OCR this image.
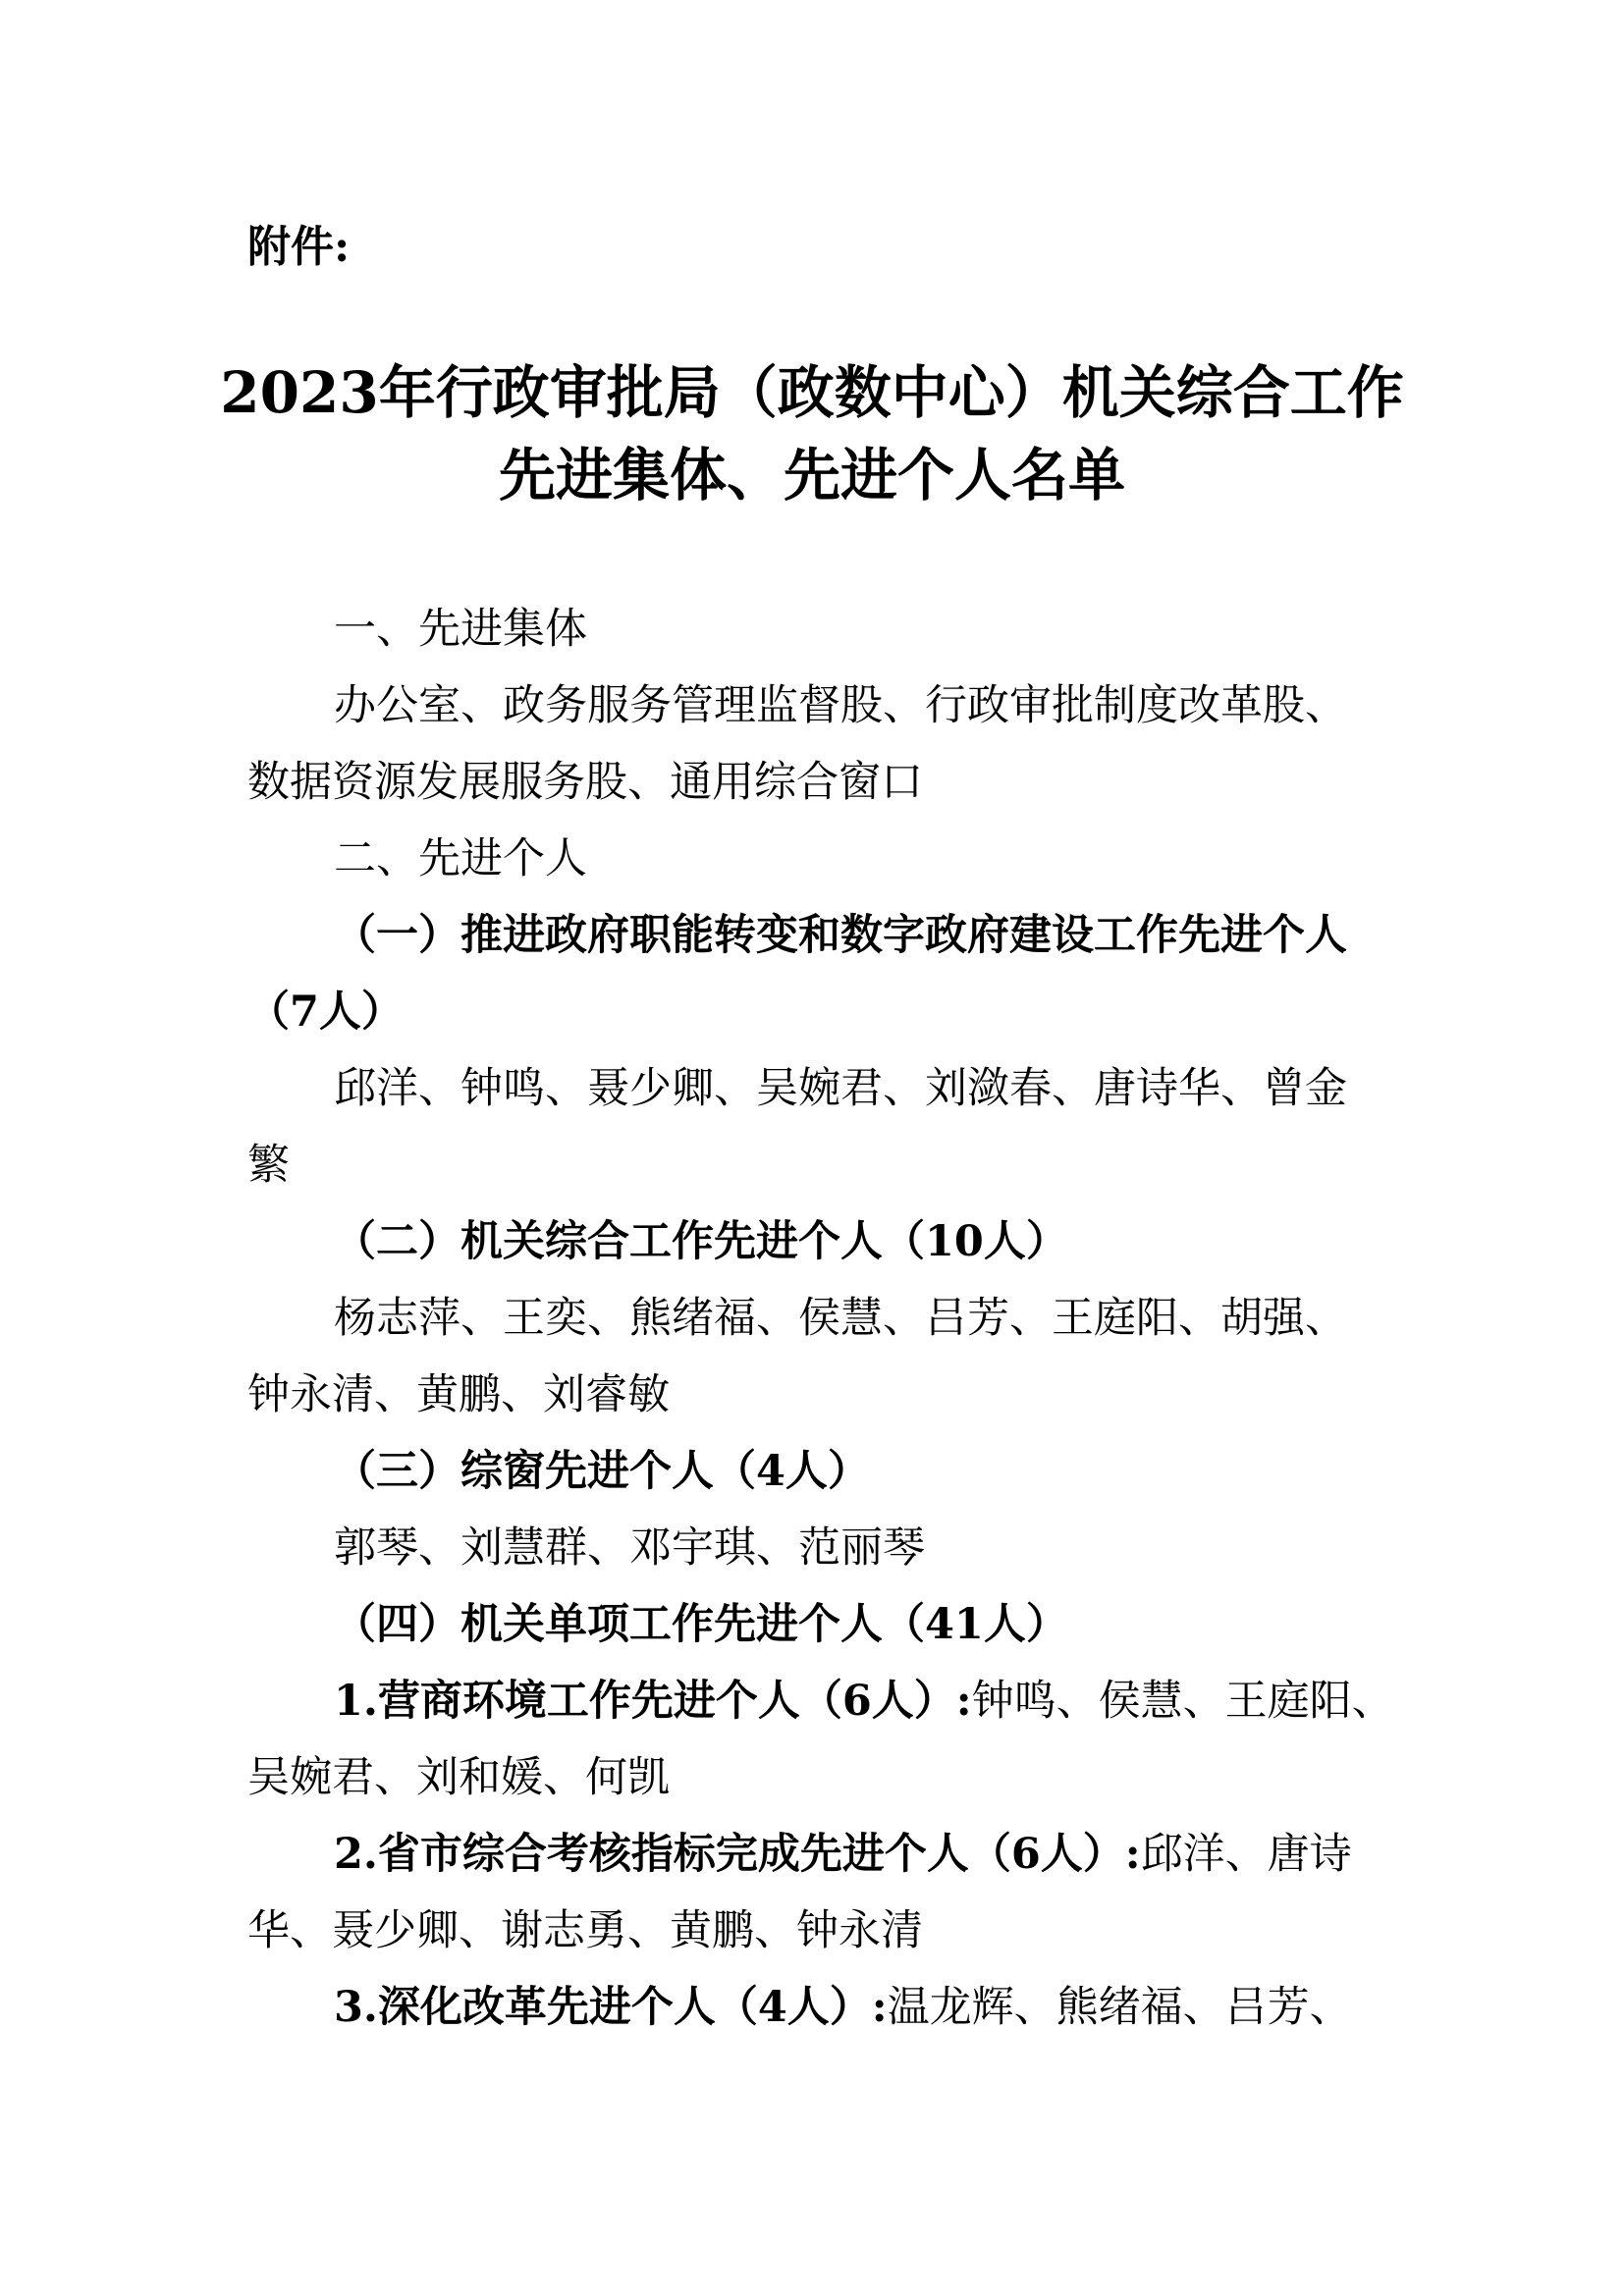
附件:
2023年行政审批局（政数中心）机关综合工作
先进集体、先进个人名单
一、先进集体
办公室、政务服务管理监督股、行政审批制度改革股、
数据资源发展服务股、通用综合窗口
二、先进个人
（一）推进政府职能转变和数字政府建设工作先进个人
（7人）
邱洋、钟鸣、聂少卿、吴婉君、刘潋春、唐诗华、曾金
繁
（二）机关综合工作先进个人（10人）
杨志萍、王奕、熊绪福、侯慧、吕芳、王庭阳、胡强、
钟永清、黄鹏、刘睿敏
（三）综窗先进个人（4人）
郭琴、刘慧群、邓宇琪、范丽琴
（四）机关单项工作先进个人（41人）
1.营商环境工作先进个人（6人）:钟鸣、侯慧、王庭阳、
吴婉君、刘和媛、何凯
2.省市综合考核指标完成先进个人（6人）:邱洋、唐诗
华、聂少卿、谢志勇、黄鹏、钟永清
3.深化改革先进个人（4人）:温龙辉、熊绪福、吕芳、
